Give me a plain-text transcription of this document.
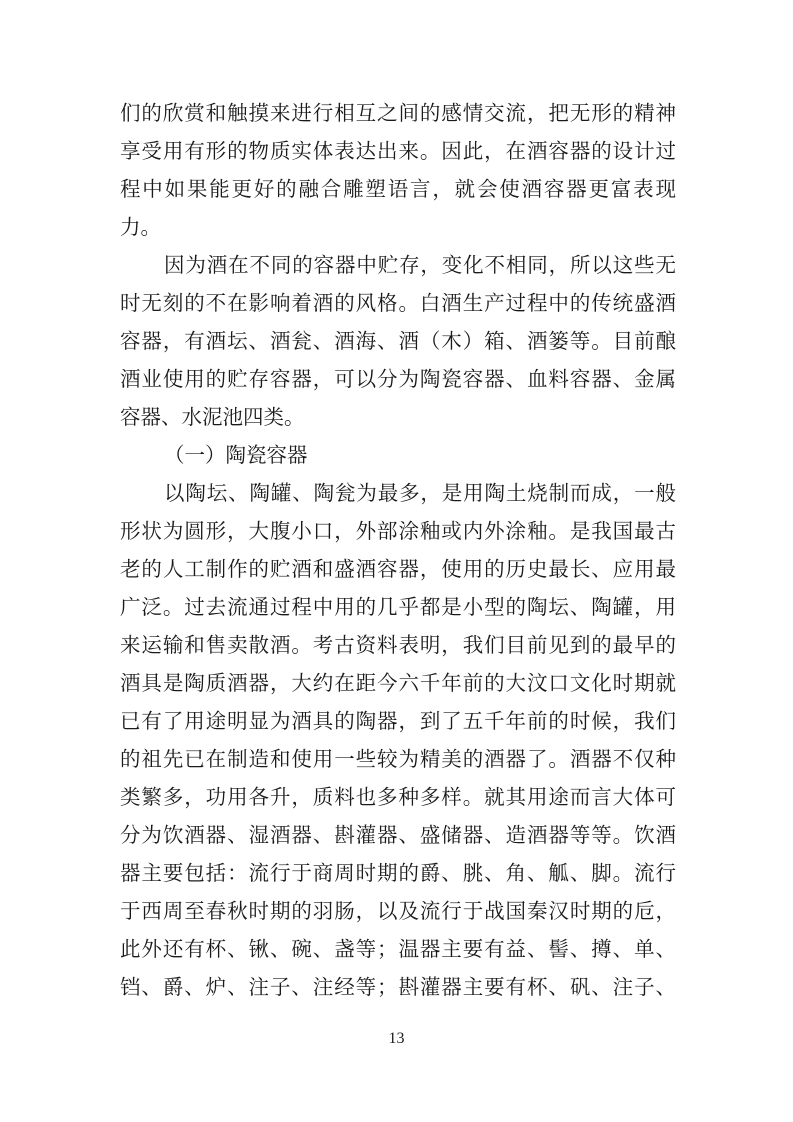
们的欣赏和触摸来进行相互之间的感情交流，把无形的精神
享受用有形的物质实体表达出来。因此，在酒容器的设计过
程中如果能更好的融合雕塑语言，就会使酒容器更富表现
力。
因为酒在不同的容器中贮存，变化不相同，所以这些无
时无刻的不在影响着酒的风格。白酒生产过程中的传统盛酒
容器，有酒坛、酒瓮、酒海、酒（木）箱、酒篓等。目前酿
酒业使用的贮存容器，可以分为陶瓷容器、血料容器、金属
容器、水泥池四类。
（一）陶瓷容器
以陶坛、陶罐、陶瓮为最多，是用陶土烧制而成，一般
形状为圆形，大腹小口，外部涂釉或内外涂釉。是我国最古
老的人工制作的贮酒和盛酒容器，使用的历史最长、应用最
广泛。过去流通过程中用的几乎都是小型的陶坛、陶罐，用
来运输和售卖散酒。考古资料表明，我们目前见到的最早的
酒具是陶质酒器，大约在距今六千年前的大汶口文化时期就
已有了用途明显为酒具的陶器，到了五千年前的时候，我们
的祖先已在制造和使用一些较为精美的酒器了。酒器不仅种
类繁多，功用各升，质料也多种多样。就其用途而言大体可
分为饮酒器、湿酒器、斟灌器、盛储器、造酒器等等。饮酒
器主要包括：流行于商周时期的爵、朓、角、觚、脚。流行
于西周至春秋时期的羽肠，以及流行于战国秦汉时期的卮，
此外还有杯、锹、碗、盏等；温器主要有益、髻、撙、单、
铛、爵、炉、注子、注经等；斟灌器主要有杯、矾、注子、
13
